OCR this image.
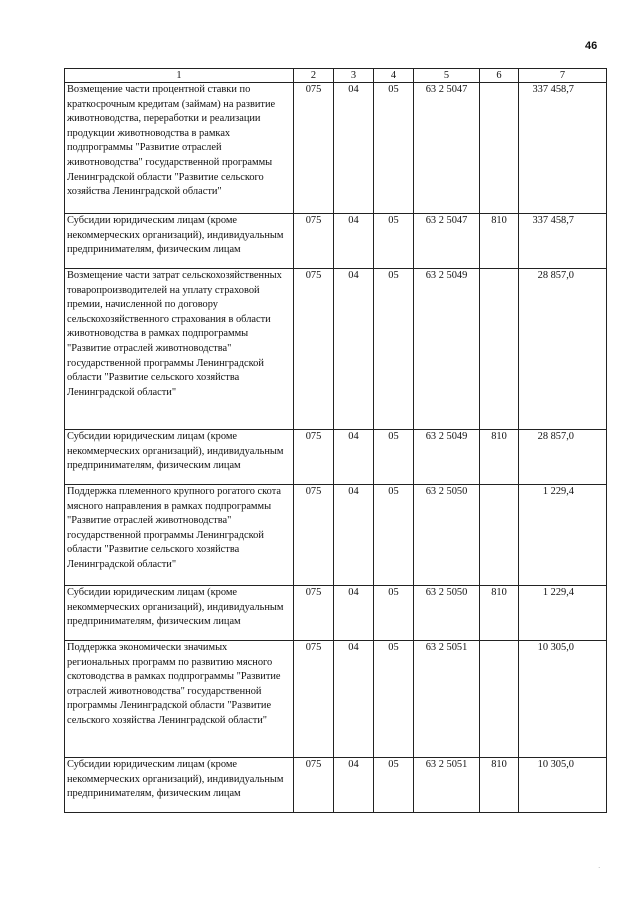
46
1	2	3	4	5	6	7
Возмещение части процентной ставки по краткосрочным кредитам (займам) на развитие животноводства, переработки и реализации продукции животноводства в рамках подпрограммы "Развитие отраслей животноводства" государственной программы Ленинградской области "Развитие сельского хозяйства Ленинградской области"	075	04	05	63 2 5047		337 458,7
Субсидии юридическим лицам (кроме некоммерческих организаций), индивидуальным предпринимателям, физическим лицам	075	04	05	63 2 5047	810	337 458,7
Возмещение части затрат сельскохозяйственных товаропроизводителей на уплату страховой премии, начисленной по договору сельскохозяйственного страхования в области животноводства в рамках подпрограммы "Развитие отраслей животноводства" государственной программы Ленинградской области "Развитие сельского хозяйства Ленинградской области"	075	04	05	63 2 5049		28 857,0
Субсидии юридическим лицам (кроме некоммерческих организаций), индивидуальным предпринимателям, физическим лицам	075	04	05	63 2 5049	810	28 857,0
Поддержка племенного крупного рогатого скота мясного направления в рамках подпрограммы "Развитие отраслей животноводства" государственной программы Ленинградской области "Развитие сельского хозяйства Ленинградской области"	075	04	05	63 2 5050		1 229,4
Субсидии юридическим лицам (кроме некоммерческих организаций), индивидуальным предпринимателям, физическим лицам	075	04	05	63 2 5050	810	1 229,4
Поддержка экономически значимых региональных программ по развитию мясного скотоводства в рамках подпрограммы "Развитие отраслей животноводства" государственной программы Ленинградской области "Развитие сельского хозяйства Ленинградской области"	075	04	05	63 2 5051		10 305,0
Субсидии юридическим лицам (кроме некоммерческих организаций), индивидуальным предпринимателям, физическим лицам	075	04	05	63 2 5051	810	10 305,0
·
